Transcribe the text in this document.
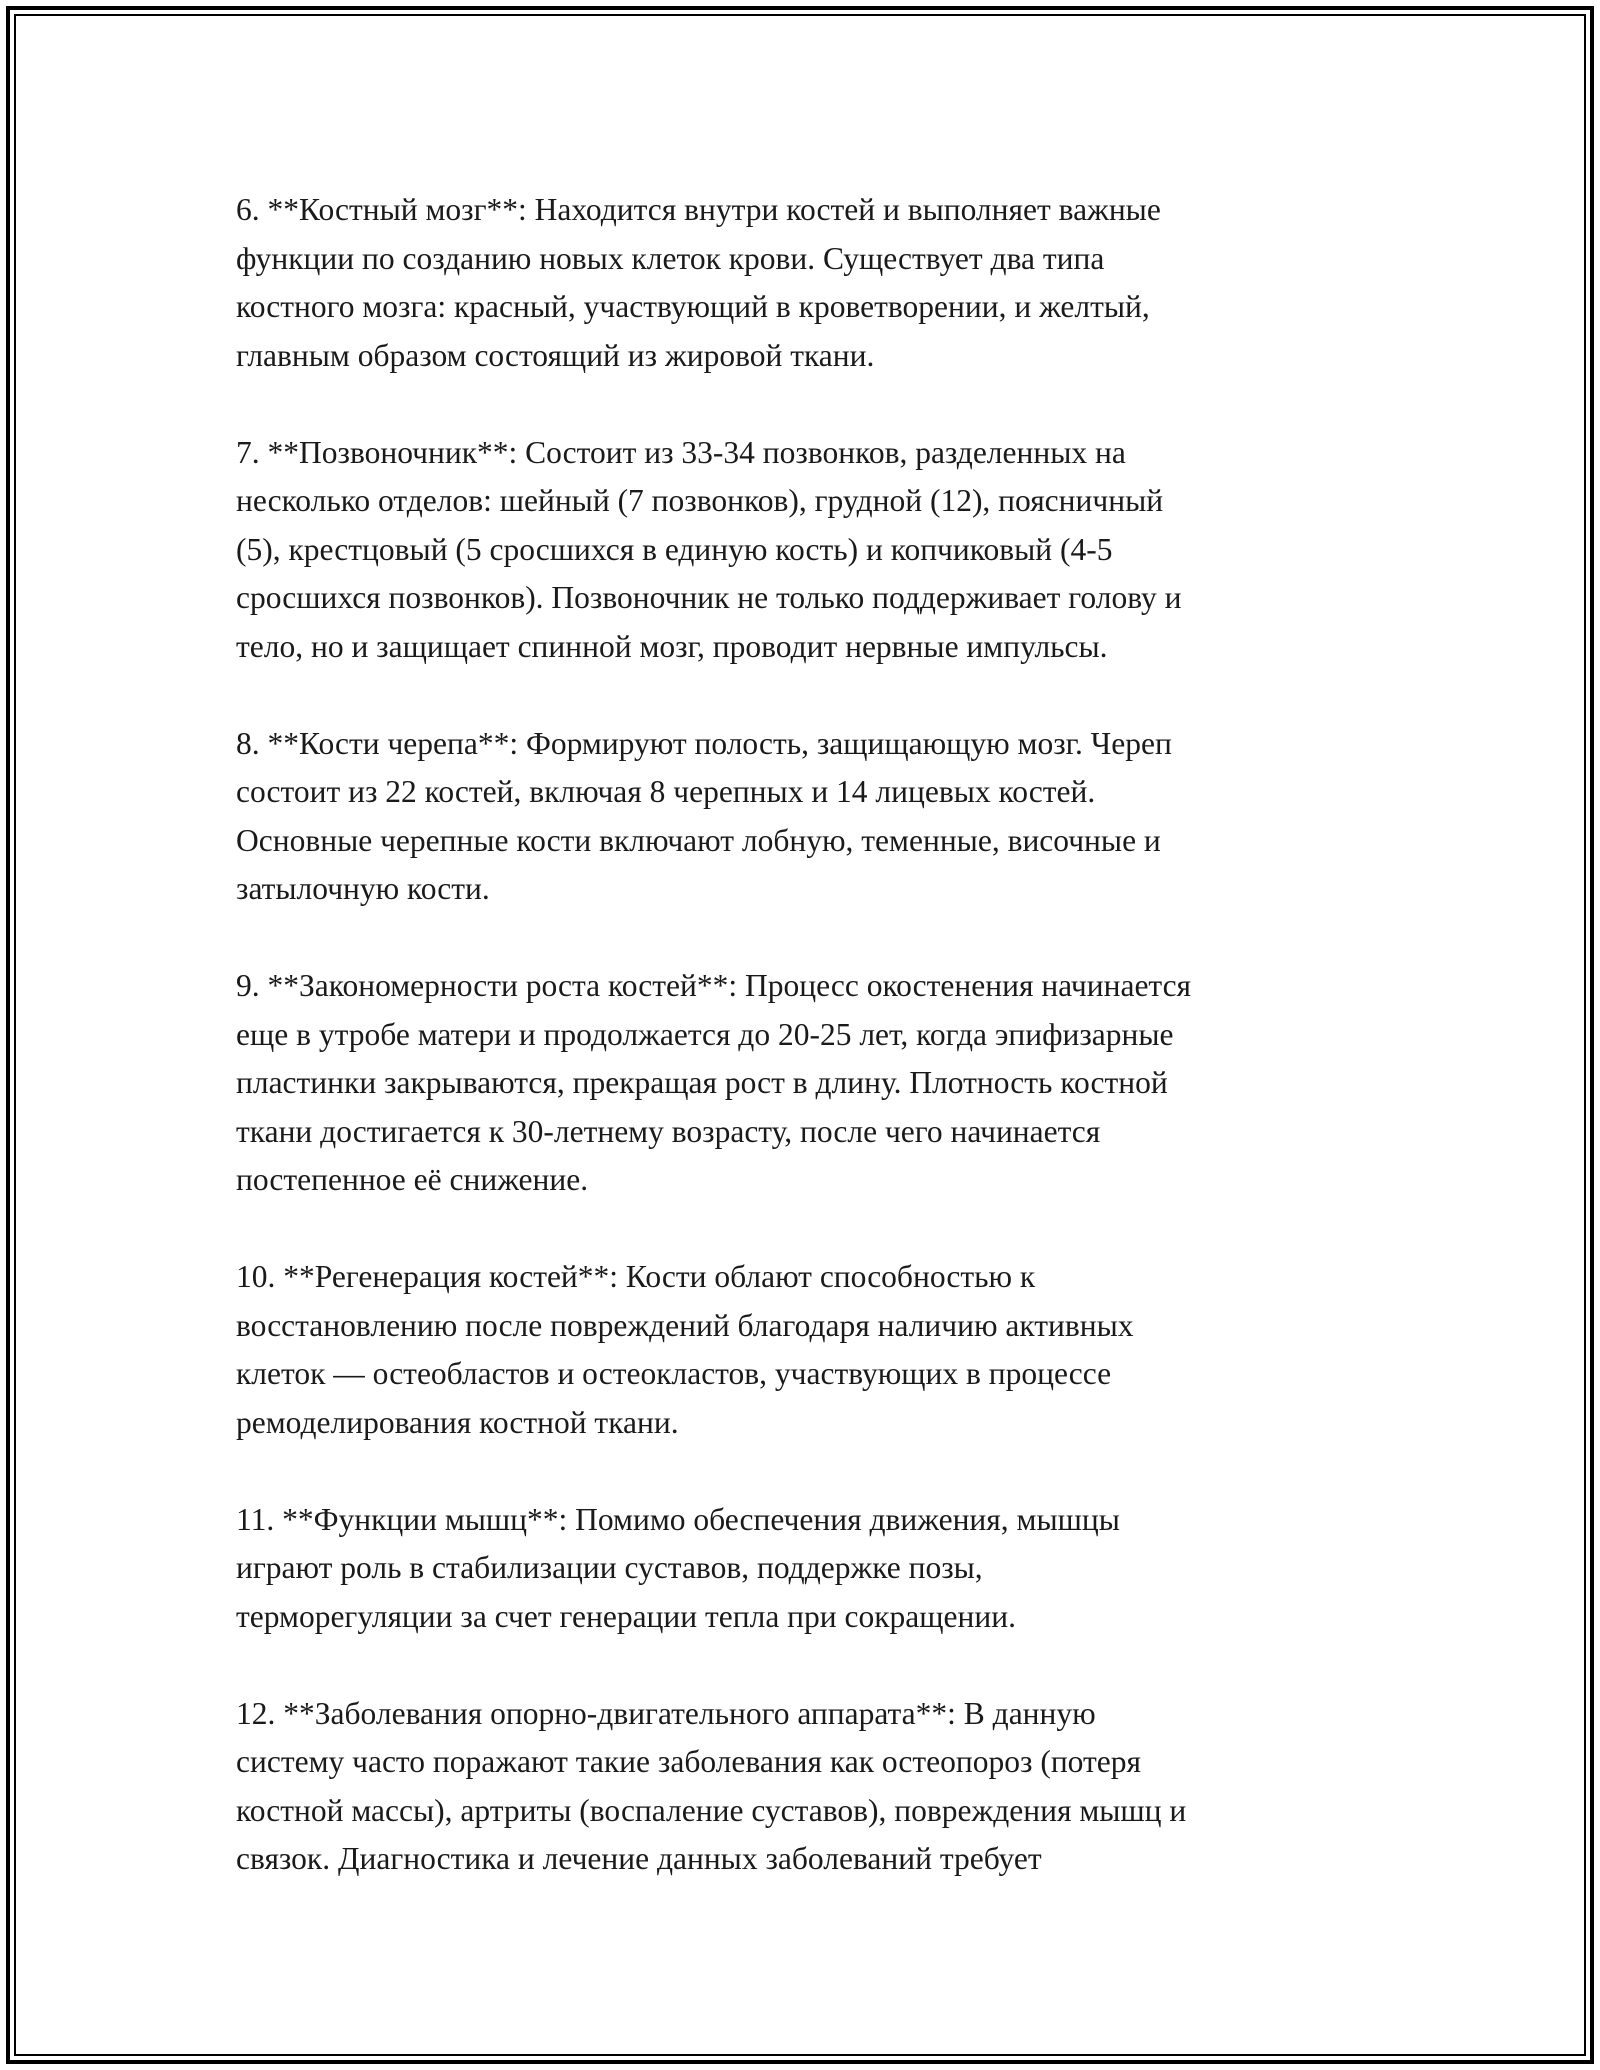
6. **Костный мозг**: Находится внутри костей и выполняет важные
функции по созданию новых клеток крови. Существует два типа
костного мозга: красный, участвующий в кроветворении, и желтый,
главным образом состоящий из жировой ткани.

7. **Позвоночник**: Состоит из 33-34 позвонков, разделенных на
несколько отделов: шейный (7 позвонков), грудной (12), поясничный
(5), крестцовый (5 сросшихся в единую кость) и копчиковый (4-5
сросшихся позвонков). Позвоночник не только поддерживает голову и
тело, но и защищает спинной мозг, проводит нервные импульсы.

8. **Кости черепа**: Формируют полость, защищающую мозг. Череп
состоит из 22 костей, включая 8 черепных и 14 лицевых костей.
Основные черепные кости включают лобную, теменные, височные и
затылочную кости.

9. **Закономерности роста костей**: Процесс окостенения начинается
еще в утробе матери и продолжается до 20-25 лет, когда эпифизарные
пластинки закрываются, прекращая рост в длину. Плотность костной
ткани достигается к 30-летнему возрасту, после чего начинается
постепенное её снижение.

10. **Регенерация костей**: Кости облают способностью к
восстановлению после повреждений благодаря наличию активных
клеток — остеобластов и остеокластов, участвующих в процессе
ремоделирования костной ткани.

11. **Функции мышц**: Помимо обеспечения движения, мышцы
играют роль в стабилизации суставов, поддержке позы,
терморегуляции за счет генерации тепла при сокращении.

12. **Заболевания опорно-двигательного аппарата**: В данную
систему часто поражают такие заболевания как остеопороз (потеря
костной массы), артриты (воспаление суставов), повреждения мышц и
связок. Диагностика и лечение данных заболеваний требует
